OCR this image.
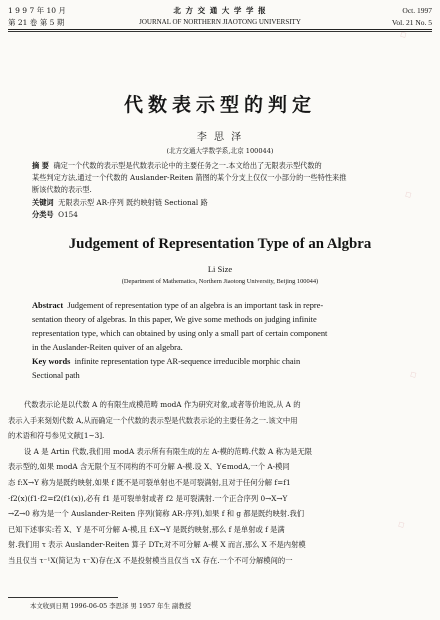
◇
◇
◇
◇
1 9 9 7 年 10 月
第 21 卷 第 5 期
北 方 交 通 大 学 学 报
JOURNAL OF NORTHERN JIAOTONG UNIVERSITY
Oct. 1997
Vol. 21 No. 5
代数表示型的判定
李 思 泽
(北方交通大学数学系,北京 100044)
摘 要 确定一个代数的表示型是代数表示论中的主要任务之一.本文给出了无限表示型代数的
某些判定方法,通过一个代数的 Auslander-Reiten 箭图的某个分支上仅仅一小部分的一些特性来推
断该代数的表示型.
关键词 无限表示型 AR-序列 既约映射链 Sectional 路
分类号 O154
Judgement of Representation Type of an Algbra
Li Size
(Department of Mathematics, Northern Jiaotong University, Beijing 100044)
Abstract Judgement of representation type of an algebra is an important task in repre-
sentation theory of algebras. In this paper, We give some methods on judging infinite
representation type, which can obtained by using only a small part of certain component
in the Auslander-Reiten quiver of an algebra.
Key words infinite representation type AR-sequence irreducible morphic chain
Sectional path
代数表示论是以代数 A 的有限生成模范畴 modA 作为研究对象,或者等价地说,从 A 的
表示入手来刻划代数 A,从而确定一个代数的表示型是代数表示论的主要任务之一.该文中用
的术语和符号参见文献[1~3].
设 A 是 Artin 代数,我们用 modA 表示所有有限生成的左 A-模的范畴.代数 A 称为是无限
表示型的,如果 modA 含无限个互不同构的不可分解 A-模.设 X、Y∈modA,一个 A-模同
态 f:X→Y 称为是既约映射,如果 f 既不是可裂单射也不是可裂满射,且对于任何分解 f=f1
·f2(x)(f1·f2=f2(f1(x)),必有 f1 是可裂单射或者 f2 是可裂满射.一个正合序列 0→X→Y
→Z→0 称为是一个 Auslander-Reiten 序列(简称 AR-序列),如果 f 和 g 都是既约映射.我们
已知下述事实:若 X、Y 是不可分解 A-模,且 f:X→Y 是既约映射,那么 f 是单射或 f 是满
射.我们用 τ 表示 Auslander-Reiten 算子 DTr,对不可分解 A-模 X 而言,那么 X 不是内射模
当且仅当 τ⁻¹X(简记为 τ⁻X)存在;X 不是投射模当且仅当 τX 存在.一个不可分解模间的一
本文收到日期 1996-06-05 李思泽 男 1957 年生 副教授
